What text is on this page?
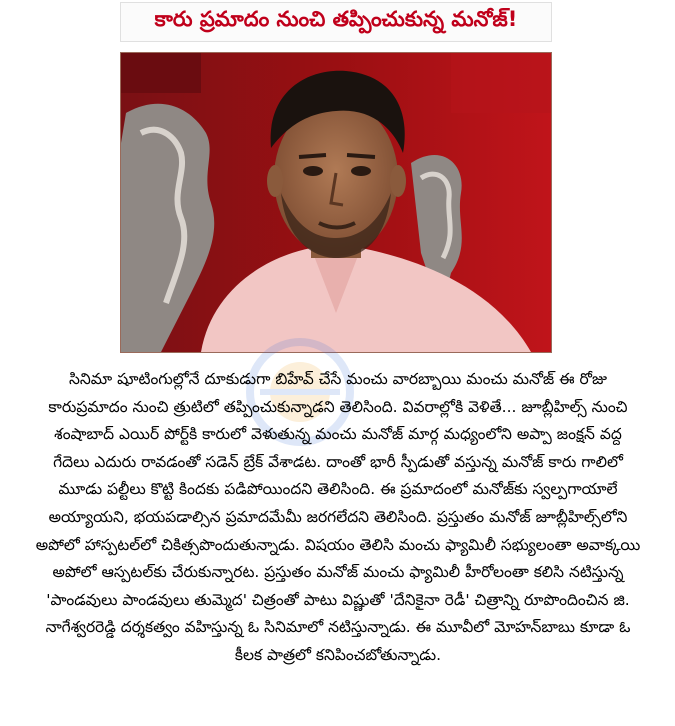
కారు ప్రమాదం నుంచి తప్పించుకున్న మనోజ్!
సినిమా షూటింగుల్లోనే దూకుడుగా బిహేవ్ చేసే మంచు వారబ్బాయి మంచు మనోజ్ ఈ రోజు
కారుప్రమాదం నుంచి త్రుటిలో తప్పించుకున్నాడని తెలిసింది. వివరాల్లోకి వెళితే... జూబ్లీహిల్స్ నుంచి
శంషాబాద్ ఎయిర్ పోర్ట్‌కి కారులో వెళుతున్న మంచు మనోజ్ మార్గ మధ్యంలోని అప్పా జంక్షన్ వద్ద
గేదెలు ఎదురు రావడంతో సడెన్ బ్రేక్ వేశాడట. దాంతో భారీ స్పీడుతో వస్తున్న మనోజ్ కారు గాలిలో
మూడు పల్టీలు కొట్టి కిందకు పడిపోయిందని తెలిసింది. ఈ ప్రమాదంలో మనోజ్‌కు స్వల్పగాయాలే
అయ్యాయని, భయపడాల్సిన ప్రమాదమేమీ జరగలేదని తెలిసింది. ప్రస్తుతం మనోజ్ జూబ్లీహిల్స్‌లోని
అపోలో హాస్పటల్‌లో చికిత్సపొందుతున్నాడు. విషయం తెలిసి మంచు ఫ్యామిలీ సభ్యులంతా అవాక్కయి
అపోలో ఆస్పటల్‌కు చేరుకున్నారట. ప్రస్తుతం మనోజ్ మంచు ఫ్యామిలీ హీరోలంతా కలిసి నటిస్తున్న
'పాండవులు పాండవులు తుమ్మెద' చిత్రంతో పాటు విష్ణుతో 'దేనికైనా రెడీ' చిత్రాన్ని రూపొందించిన జి.
నాగేశ్వరరెడ్డి దర్శకత్వం వహిస్తున్న ఓ సినిమాలో నటిస్తున్నాడు. ఈ మూవీలో మోహన్‌బాబు కూడా ఓ
కీలక పాత్రలో కనిపించబోతున్నాడు.
